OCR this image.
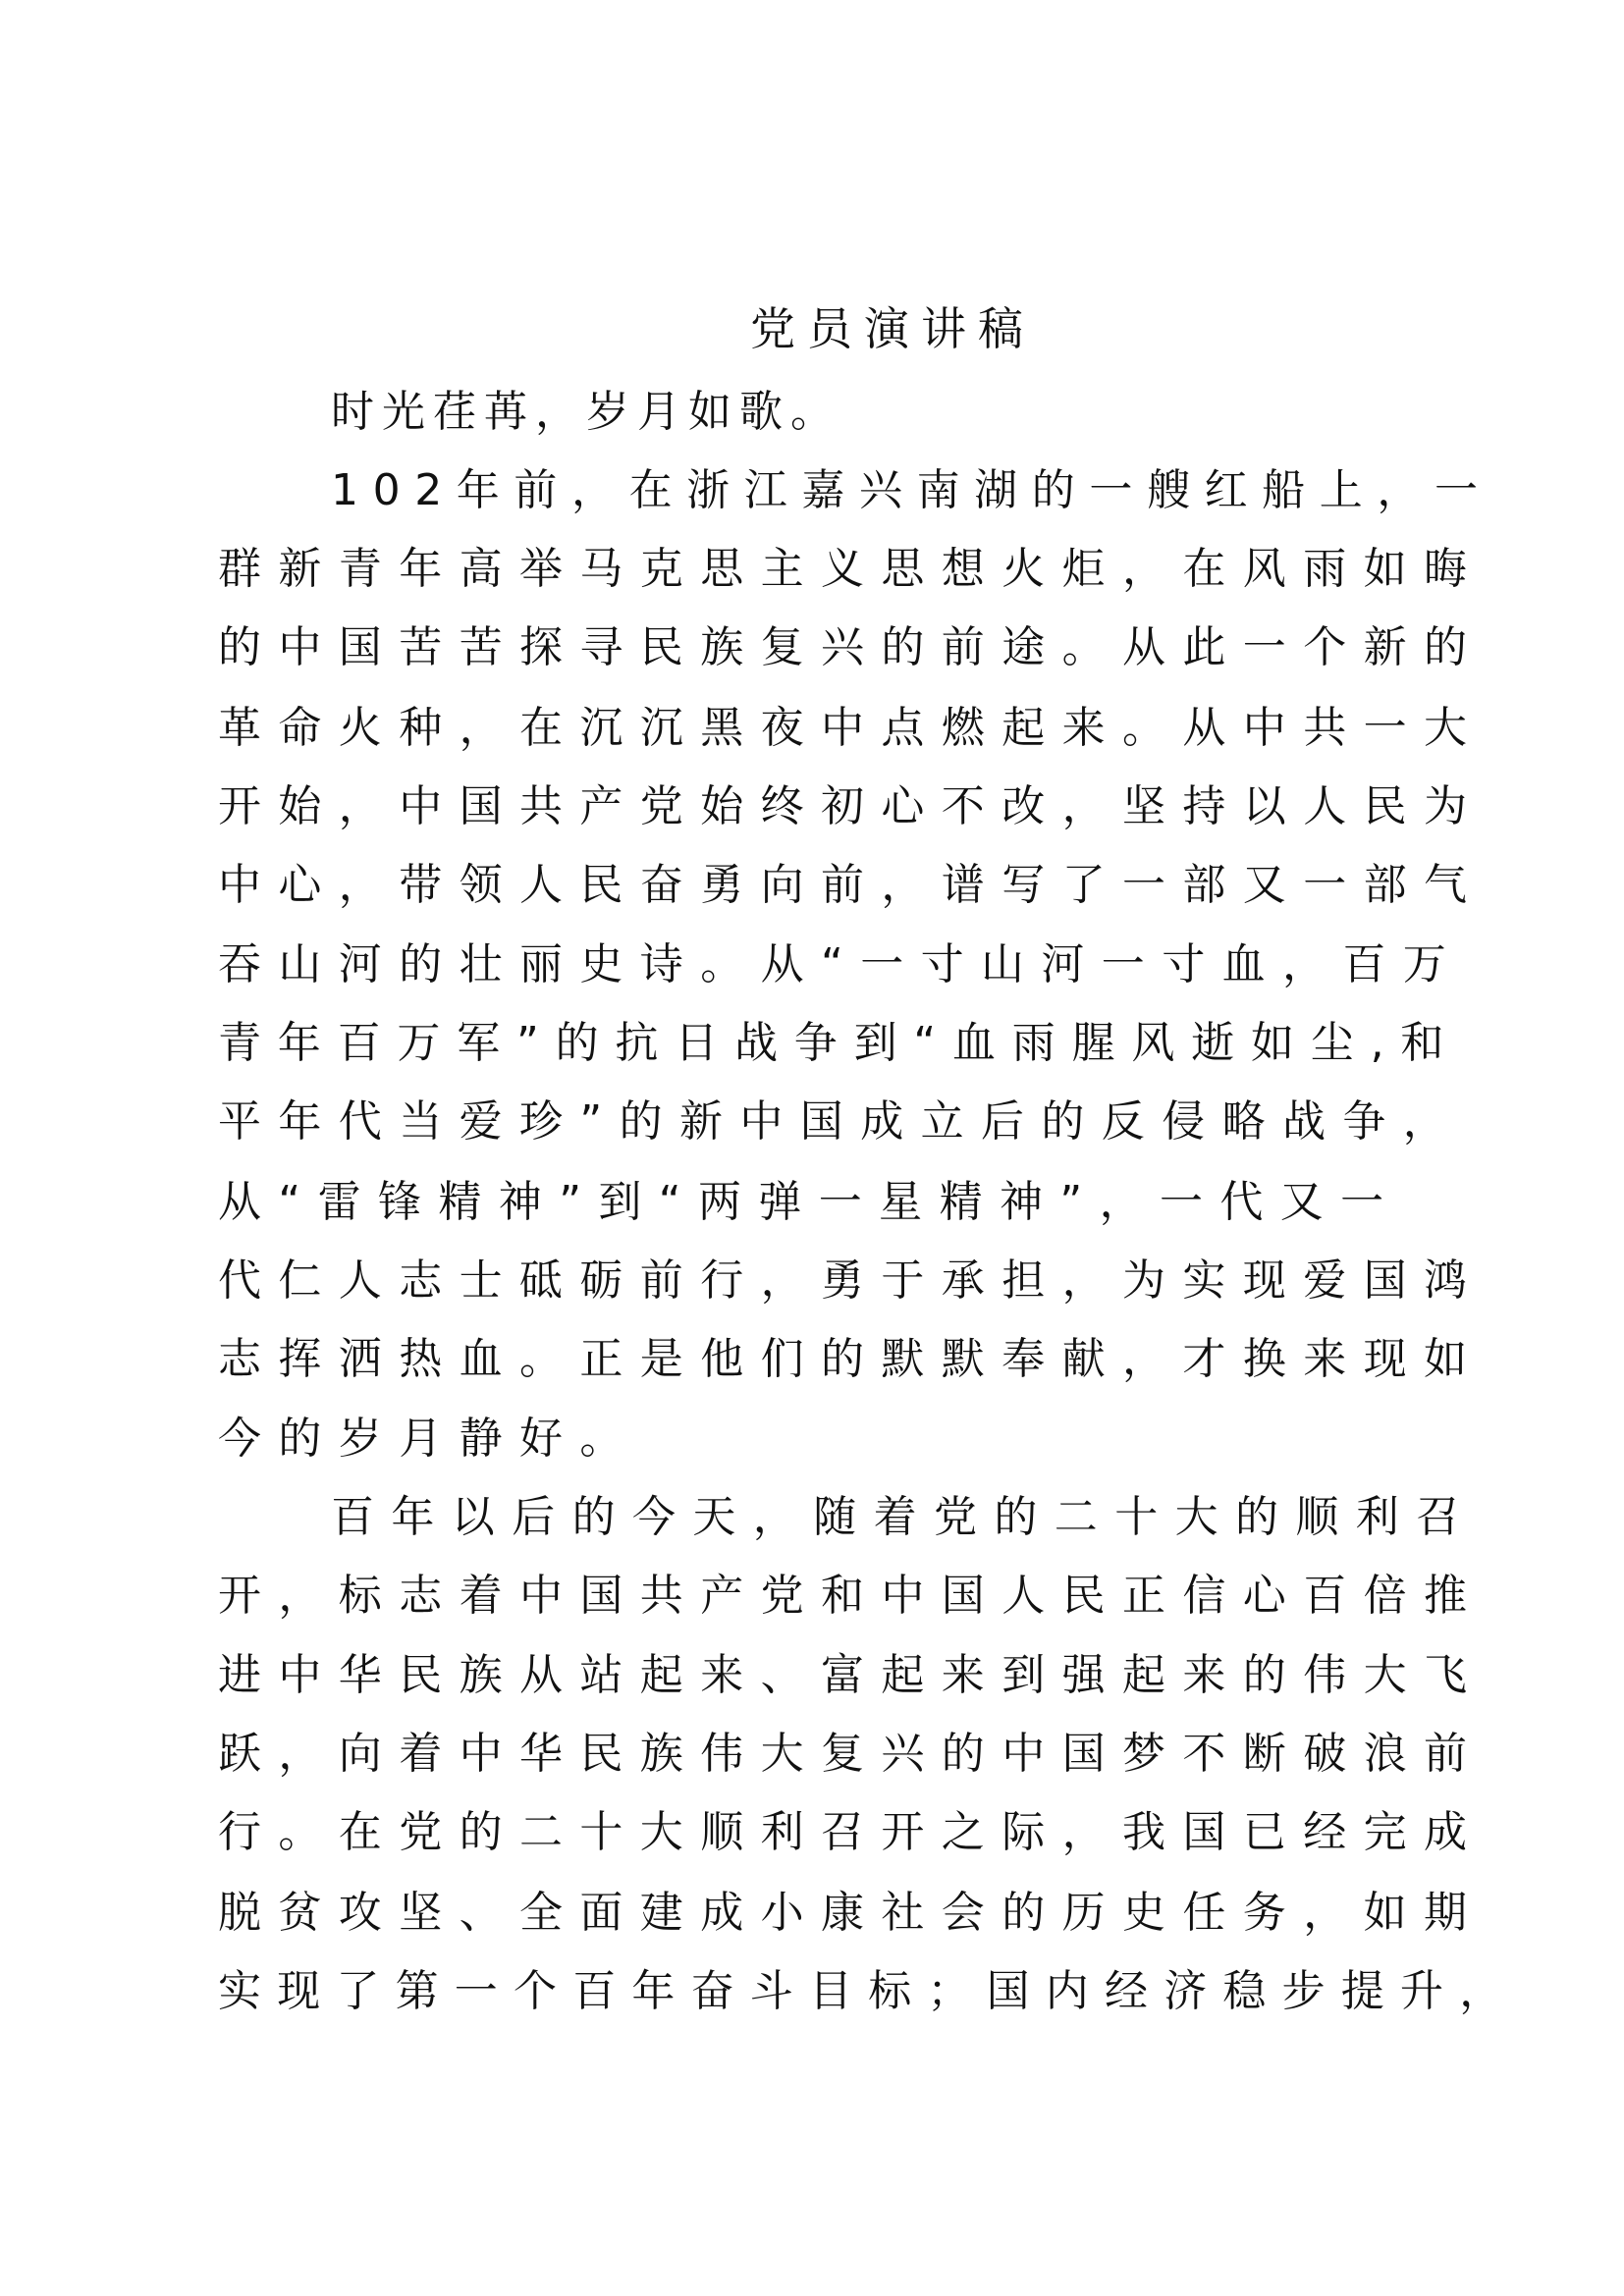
党员演讲稿
时光荏苒，岁月如歌。
102年前，在浙江嘉兴南湖的一艘红船上，一
群新青年高举马克思主义思想火炬，在风雨如晦
的中国苦苦探寻民族复兴的前途。从此一个新的
革命火种，在沉沉黑夜中点燃起来。从中共一大
开始，中国共产党始终初心不改，坚持以人民为
中心，带领人民奋勇向前，谱写了一部又一部气
吞山河的壮丽史诗。从“一寸山河一寸血，百万
青年百万军”的抗日战争到“血雨腥风逝如尘,和
平年代当爱珍”的新中国成立后的反侵略战争，
从“雷锋精神”到“两弹一星精神”，一代又一
代仁人志士砥砺前行，勇于承担，为实现爱国鸿
志挥洒热血。正是他们的默默奉献，才换来现如
今的岁月静好。
百年以后的今天，随着党的二十大的顺利召
开，标志着中国共产党和中国人民正信心百倍推
进中华民族从站起来、富起来到强起来的伟大飞
跃，向着中华民族伟大复兴的中国梦不断破浪前
行。在党的二十大顺利召开之际，我国已经完成
脱贫攻坚、全面建成小康社会的历史任务，如期
实现了第一个百年奋斗目标；国内经济稳步提升，
